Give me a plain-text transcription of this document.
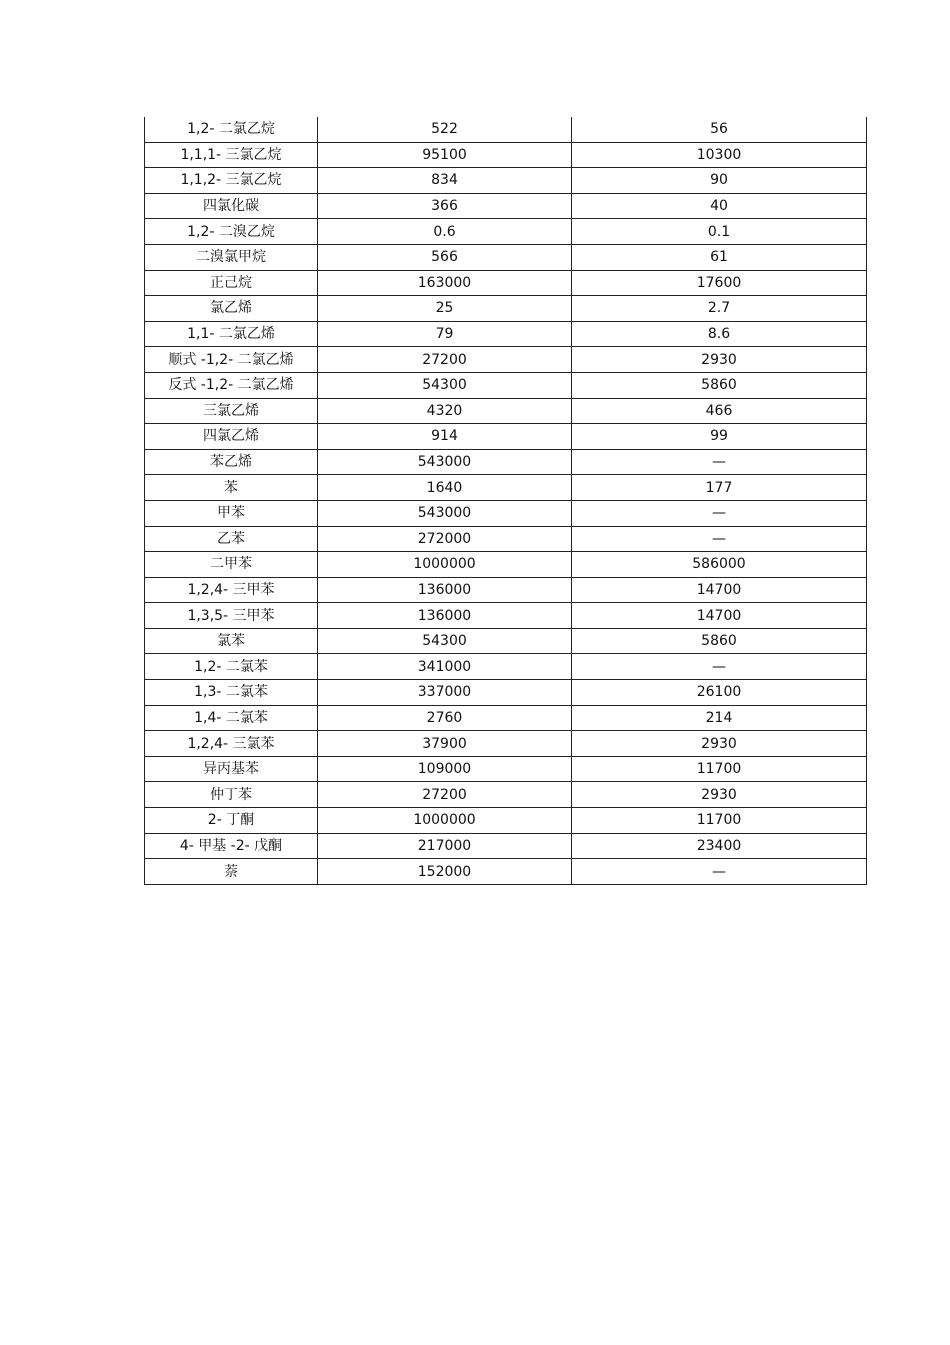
1,2- 二氯乙烷	522	56
1,1,1- 三氯乙烷	95100	10300
1,1,2- 三氯乙烷	834	90
四氯化碳	366	40
1,2- 二溴乙烷	0.6	0.1
二溴氯甲烷	566	61
正己烷	163000	17600
氯乙烯	25	2.7
1,1- 二氯乙烯	79	8.6
顺式 -1,2- 二氯乙烯	27200	2930
反式 -1,2- 二氯乙烯	54300	5860
三氯乙烯	4320	466
四氯乙烯	914	99
苯乙烯	543000	—
苯	1640	177
甲苯	543000	—
乙苯	272000	—
二甲苯	1000000	586000
1,2,4- 三甲苯	136000	14700
1,3,5- 三甲苯	136000	14700
氯苯	54300	5860
1,2- 二氯苯	341000	—
1,3- 二氯苯	337000	26100
1,4- 二氯苯	2760	214
1,2,4- 三氯苯	37900	2930
异丙基苯	109000	11700
仲丁苯	27200	2930
2- 丁酮	1000000	11700
4- 甲基 -2- 戊酮	217000	23400
萘	152000	—
